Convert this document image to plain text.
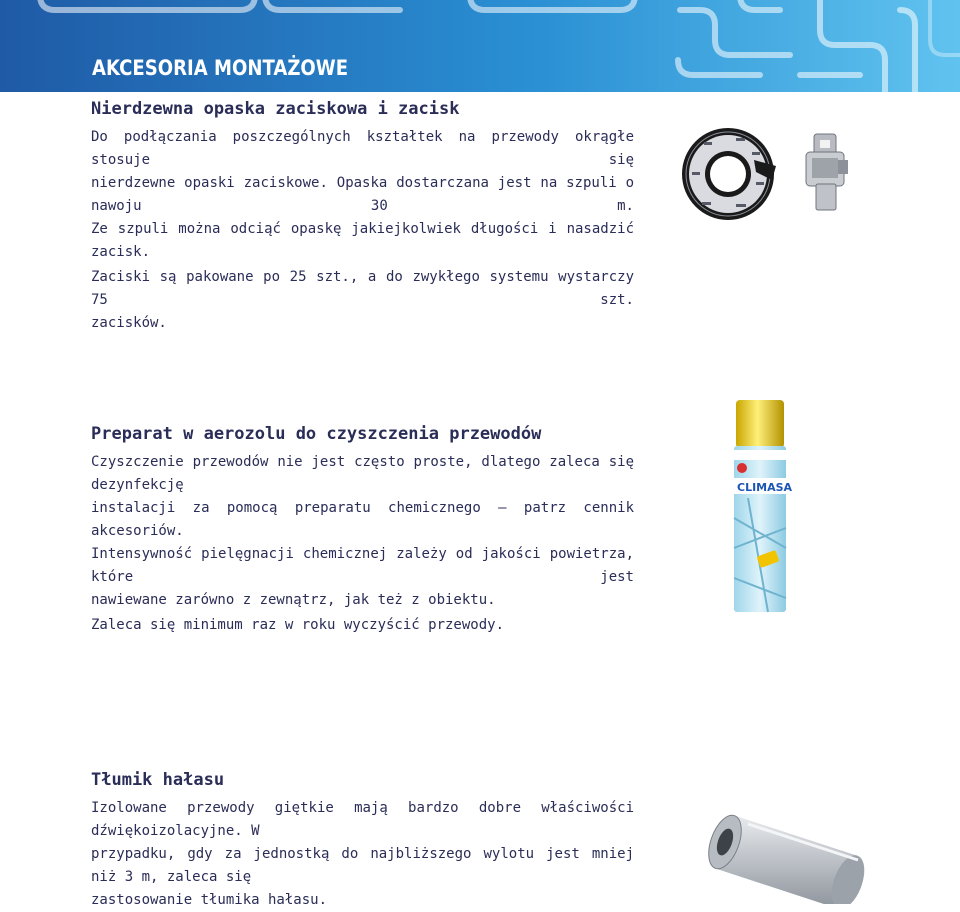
AKCESORIA MONTAŻOWE
Nierdzewna opaska zaciskowa i zacisk

Do podłączania poszczególnych kształtek na przewody okrągłe stosuje się

nierdzewne opaski zaciskowe. Opaska dostarczana jest na szpuli o nawoju 30 m.

Ze szpuli można odciąć opaskę jakiejkolwiek długości i nasadzić zacisk.

Zaciski są pakowane po 25 szt., a do zwykłego systemu wystarczy 75 szt.

zacisków.

Preparat w aerozolu do czyszczenia przewodów

Czyszczenie przewodów nie jest często proste, dlatego zaleca się dezynfekcję

instalacji za pomocą preparatu chemicznego – patrz cennik akcesoriów.

Intensywność pielęgnacji chemicznej zależy od jakości powietrza, które jest

nawiewane zarówno z zewnątrz, jak też z obiektu.

Zaleca się minimum raz w roku wyczyścić przewody.

CLIMASA
Tłumik hałasu

Izolowane przewody giętkie mają bardzo dobre właściwości dźwiękoizolacyjne. W

przypadku, gdy za jednostką do najbliższego wylotu jest mniej niż 3 m, zaleca się

zastosowanie tłumika hałasu.
